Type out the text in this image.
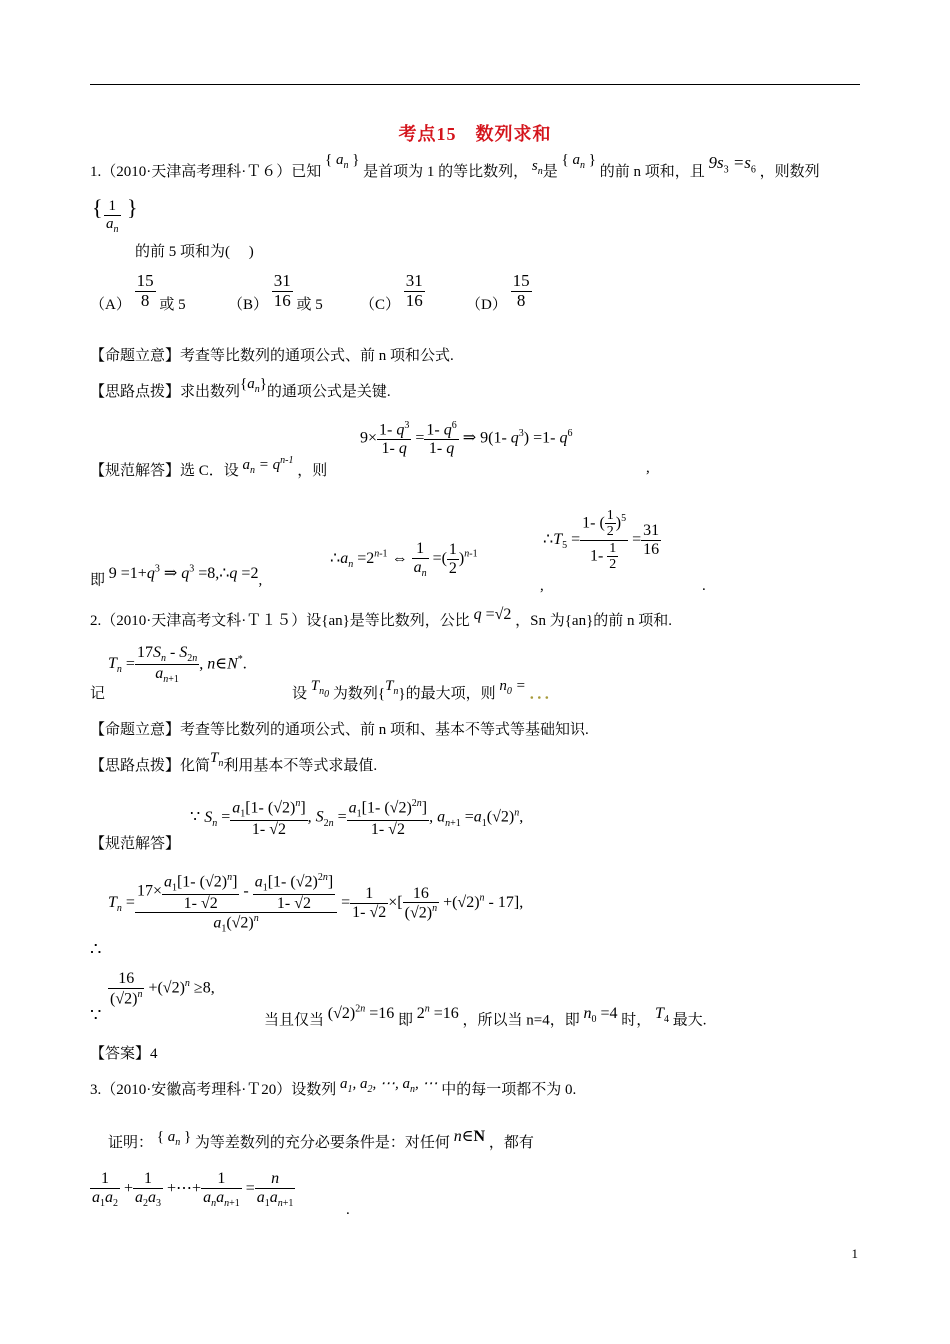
考点15　数列求和
1.（2010·天津高考理科·Ｔ６）已知 { $a_n$ } 是首项为 1 的等比数列， $s_n$是 { $a_n$ } 的前 n 项和，且 $9s_3 =s_6$ ，则数列
{ $\frac{1}{a_n}$ }
的前 5 项和为(　 )
$(A) \frac{15}{8}$ 或 5	$(B) \frac{31}{16}$ 或 5 $(C) \frac{31}{16}$	$(D) \frac{15}{8}$
【命题立意】考查等比数列的通项公式、前 n 项和公式.
【思路点拨】求出数列$\{a_n\}$的通项公式是关键.
【规范解答】选 C．设 $a_n = q^{n-1}$ ，则
$9\times \frac{1- q^3}{1- q} = \frac{1- q^6}{1- q}$ ⇒ 9(1- $q^3) =1-$ $q^6$
,
即 $9 =1+q^3$ ⇒ $q^3$ =8,∴q =2,
$\therefore a_n =2^{n-1}$ ⇔ $\frac{1}{a_n}$ =( $\frac{1}{2} )^{n-1}$
,
$\therefore T_5 = \frac{1- ( \frac{1}{2} )^5}{1- \frac{1}{2}} = \frac{31}{16}$
.
2.（2010·天津高考文科·Ｔ１５）设{an}是等比数列，公比 q =√2 ，Sn 为{an}的前 n 项和.
记
$T_n = \frac{17S_n - S_{2n}}{a_{n+1}}$ , n∈N*.
设 $T_{n_0}$ 为数列$\{T_n\}$的最大项，则 $n_0$ = ．．．
【命题立意】考查等比数列的通项公式、前 n 项和、基本不等式等基础知识.
【思路点拨】化简$T_n$利用基本不等式求最值.
【规范解答】
∵ $S_n = \frac{a_1[1- (√2)^n]}{1- √2}$ , $S_{2n} = \frac{a_1[1- (√2)^{2n}]}{1- √2}$ , $a_{n+1} =a_1(√2)^n$,
∴
$T_n = \frac{17\times \frac{a_1[1- (√2)^n]}{1- √2} - \frac{a_1[1- (√2)^{2n}]}{1- √2}}{a_1(√2)^n} = \frac{1}{1- √2}$ ×[ $\frac{16}{(√2)^n} +(√2)^n - 17$],
∵
$\frac{16}{(√2)^n} +(√2)^n \ge 8$,
当且仅当 $(√2)^{2n} =16$ 即 $2^n =16$ ，所以当 n=4，即 $n_0 =4$ 时， $T_4$ 最大.
【答案】4
3.（2010·安徽高考理科·Ｔ20）设数列 $a_1$, $a_2$, ⋯, $a_n$, ⋯ 中的每一项都不为 0.
证明： { $a_n$ } 为等差数列的充分必要条件是：对任何 n∈N ，都有
$\frac{1}{a_1a_2} + \frac{1}{a_2a_3}$ +⋯+ $\frac{1}{a_na_{n+1}} = \frac{n}{a_1a_{n+1}}$
.
1
